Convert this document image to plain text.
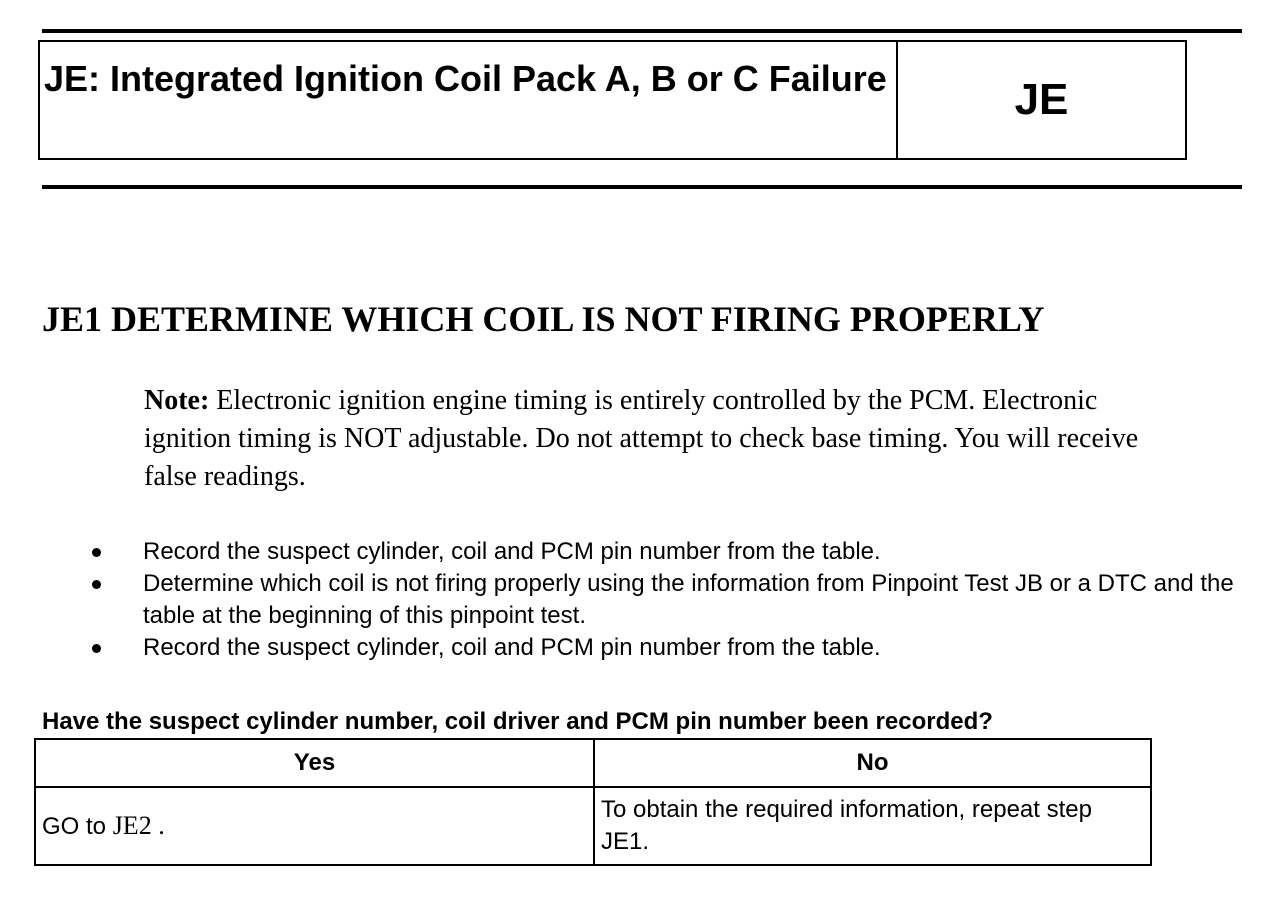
JE: Integrated Ignition Coil Pack A, B or C Failure	JE
JE1 DETERMINE WHICH COIL IS NOT FIRING PROPERLY
Note: Electronic ignition engine timing is entirely controlled by the PCM. Electronic ignition timing is NOT adjustable. Do not attempt to check base timing. You will receive false readings.
Record the suspect cylinder, coil and PCM pin number from the table.
Determine which coil is not firing properly using the information from Pinpoint Test JB or a DTC and the table at the beginning of this pinpoint test.
Record the suspect cylinder, coil and PCM pin number from the table.
Have the suspect cylinder number, coil driver and PCM pin number been recorded?
Yes	No
GO to JE2 .	To obtain the required information, repeat step JE1.
